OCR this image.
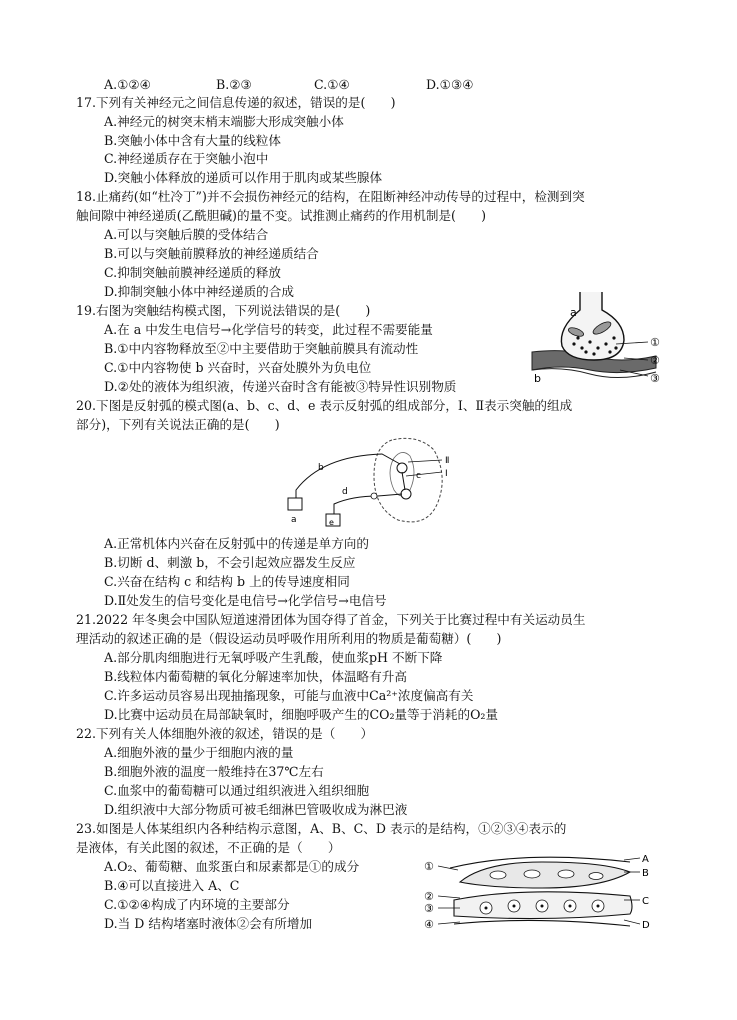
A.①②④	B.②③	C.①④	D.①③④
17.下列有关神经元之间信息传递的叙述，错误的是(　　)
A.神经元的树突末梢末端膨大形成突触小体
B.突触小体中含有大量的线粒体
C.神经递质存在于突触小泡中
D.突触小体释放的递质可以作用于肌肉或某些腺体
18.止痛药(如“杜冷丁”)并不会损伤神经元的结构，在阻断神经冲动传导的过程中，检测到突
触间隙中神经递质(乙酰胆碱)的量不变。试推测止痛药的作用机制是(　　)
A.可以与突触后膜的受体结合
B.可以与突触前膜释放的神经递质结合
C.抑制突触前膜神经递质的释放
D.抑制突触小体中神经递质的合成
19.右图为突触结构模式图，下列说法错误的是(　　)
A.在 a 中发生电信号→化学信号的转变，此过程不需要能量
B.①中内容物释放至②中主要借助于突触前膜具有流动性
C.①中内容物使 b 兴奋时，兴奋处膜外为负电位
D.②处的液体为组织液，传递兴奋时含有能被③特异性识别物质
a
b
①
②
③
20.下图是反射弧的模式图(a、b、c、d、e 表示反射弧的组成部分，Ⅰ、Ⅱ表示突触的组成
部分)，下列有关说法正确的是(　　)
a
b
c
d
e
Ⅱ
Ⅰ
A.正常机体内兴奋在反射弧中的传递是单方向的
B.切断 d、刺激 b，不会引起效应器发生反应
C.兴奋在结构 c 和结构 b 上的传导速度相同
D.Ⅱ处发生的信号变化是电信号→化学信号→电信号
21.2022 年冬奥会中国队短道速滑团体为国夺得了首金，下列关于比赛过程中有关运动员生
理活动的叙述正确的是（假设运动员呼吸作用所利用的物质是葡萄糖）(　　)
A.部分肌肉细胞进行无氧呼吸产生乳酸，使血浆pH 不断下降
B.线粒体内葡萄糖的氧化分解速率加快，体温略有升高
C.许多运动员容易出现抽搐现象，可能与血液中Ca²⁺浓度偏高有关
D.比赛中运动员在局部缺氧时，细胞呼吸产生的CO₂量等于消耗的O₂量
22.下列有关人体细胞外液的叙述，错误的是（　　）
A.细胞外液的量少于细胞内液的量
B.细胞外液的温度一般维持在37℃左右
C.血浆中的葡萄糖可以通过组织液进入组织细胞
D.组织液中大部分物质可被毛细淋巴管吸收成为淋巴液
23.如图是人体某组织内各种结构示意图，A、B、C、D 表示的是结构，①②③④表示的
是液体，有关此图的叙述，不正确的是（　　）
A.O₂、葡萄糖、血浆蛋白和尿素都是①的成分
B.④可以直接进入 A、C
C.①②④构成了内环境的主要部分
D.当 D 结构堵塞时液体②会有所增加
①
②
③
④
A
B
C
D
